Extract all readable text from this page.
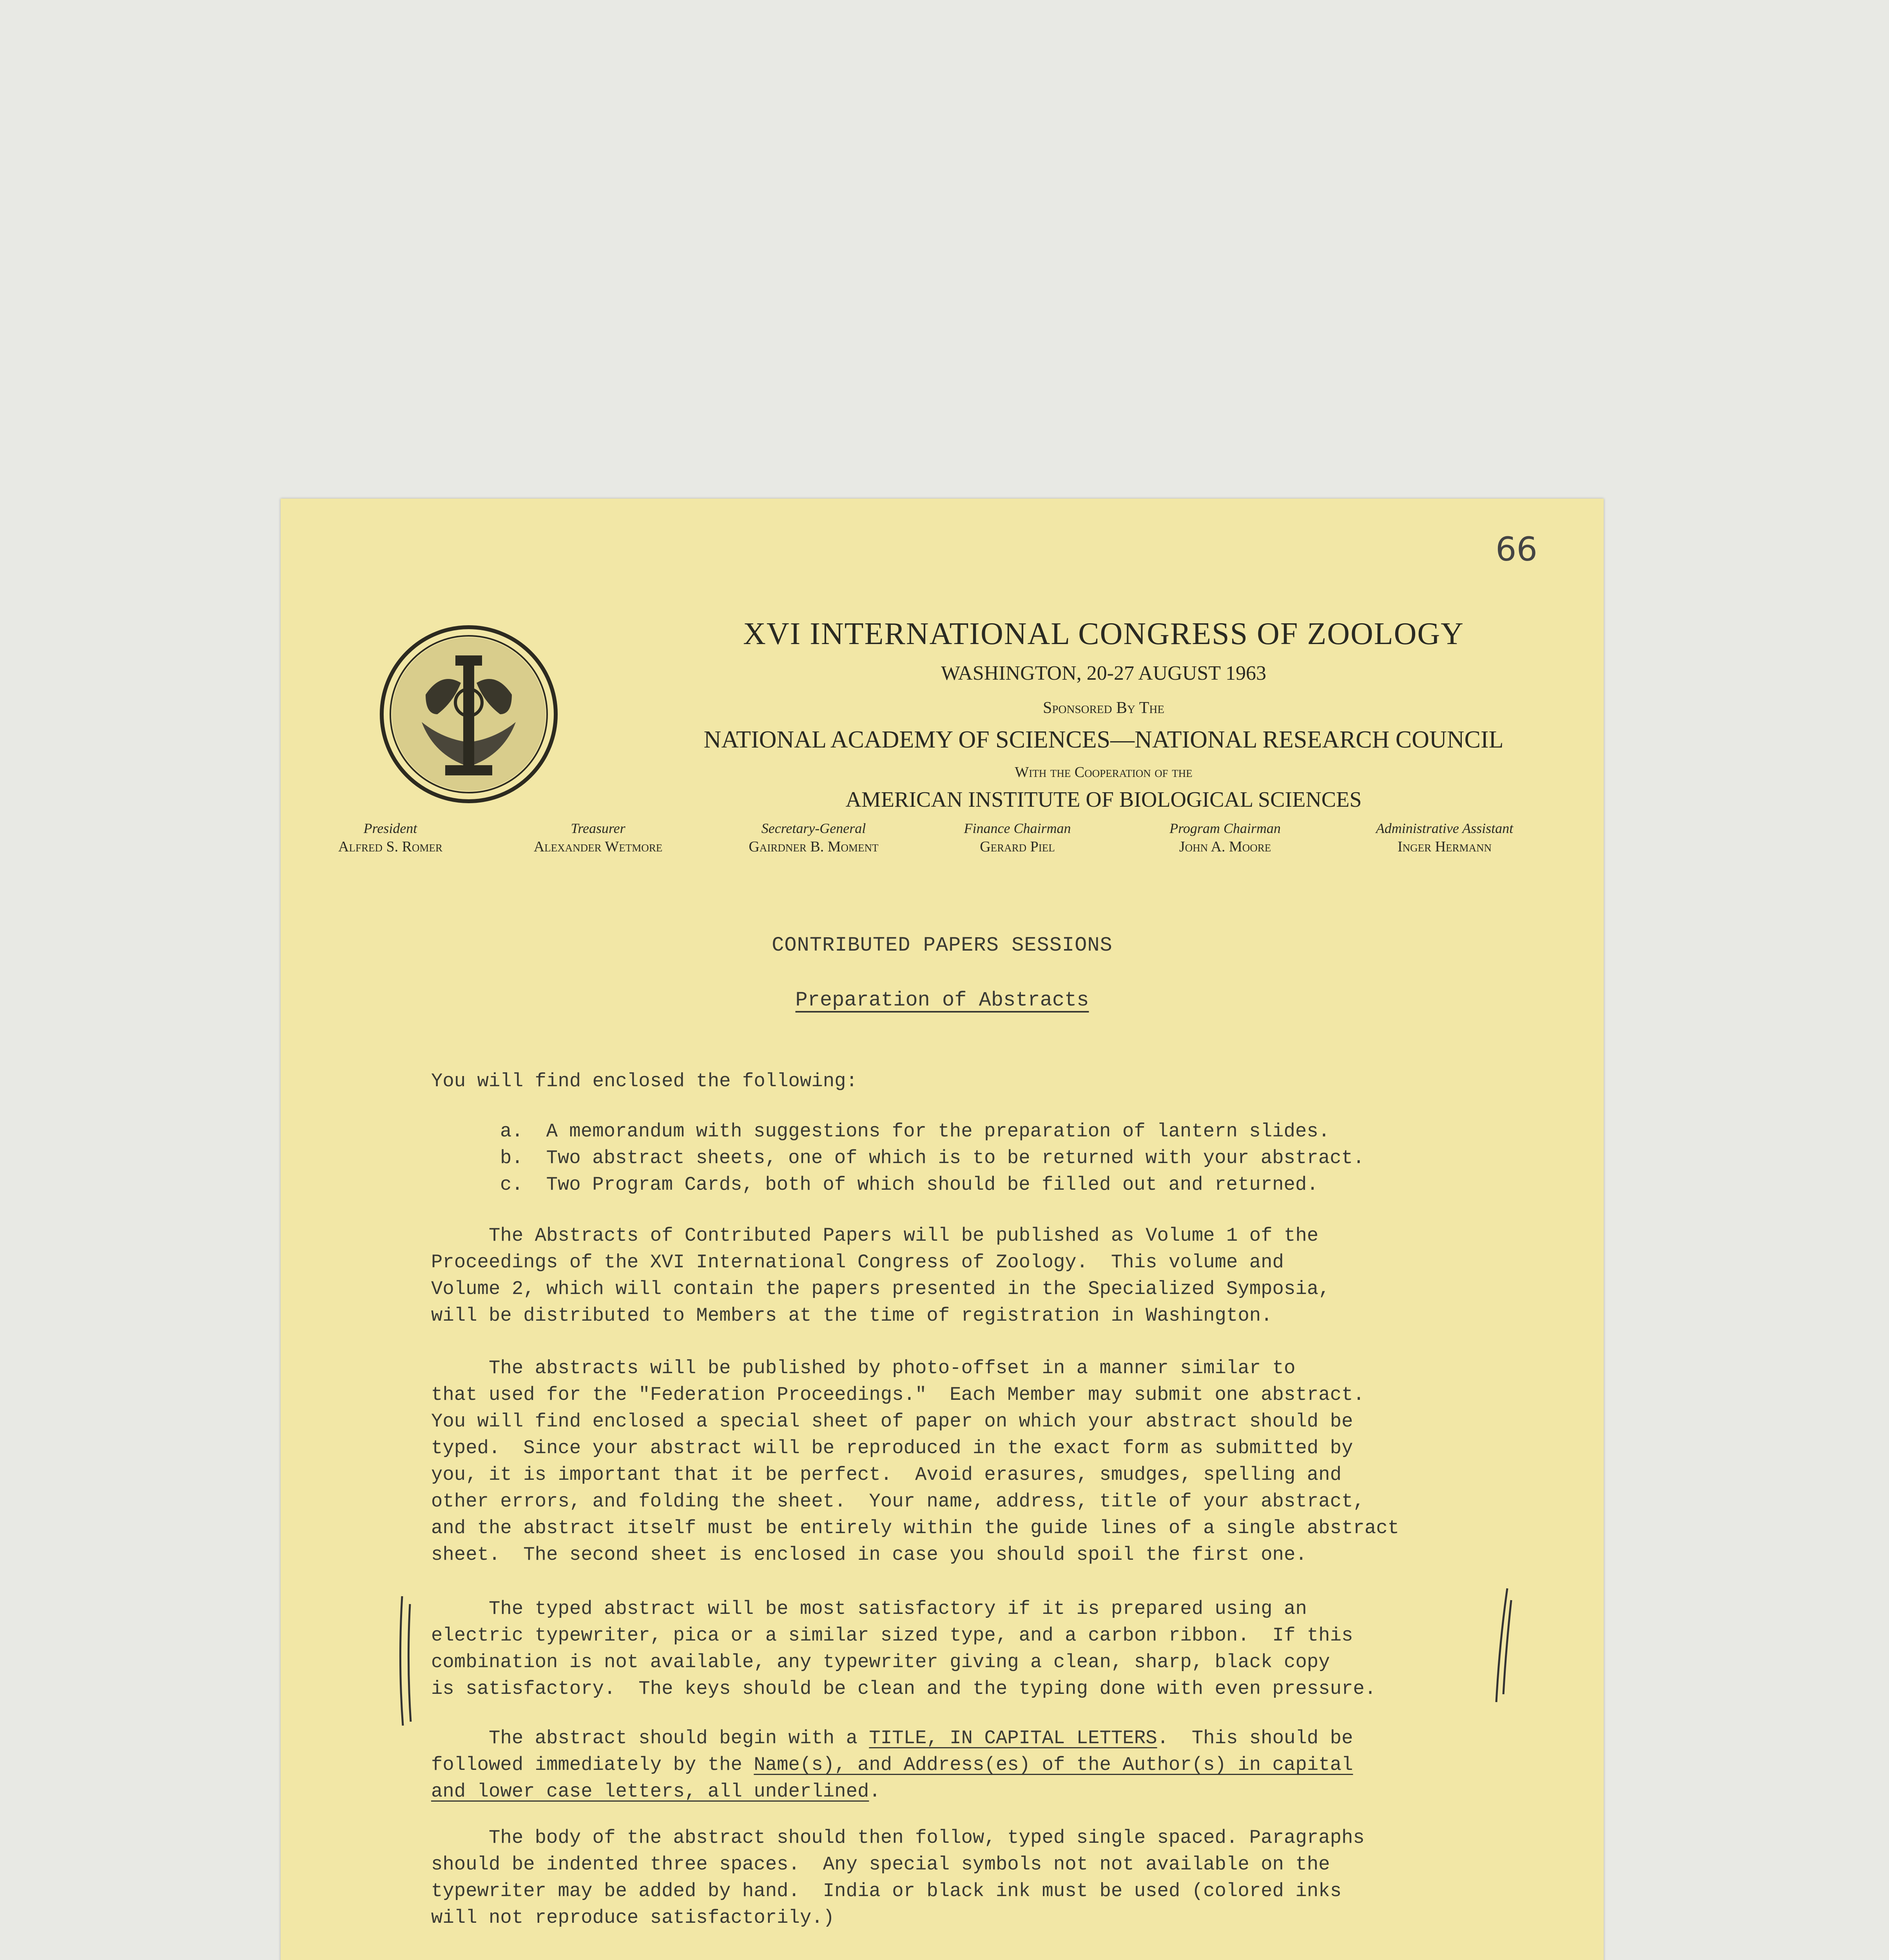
66
XVI INTERNATIONAL CONGRESS OF ZOOLOGY
WASHINGTON, 20-27 AUGUST 1963
Sponsored By The
NATIONAL ACADEMY OF SCIENCES—NATIONAL RESEARCH COUNCIL
With the Cooperation of the
AMERICAN INSTITUTE OF BIOLOGICAL SCIENCES
President
Alfred S. Romer
Treasurer
Alexander Wetmore
Secretary-General
Gairdner B. Moment
Finance Chairman
Gerard Piel
Program Chairman
John A. Moore
Administrative Assistant
Inger Hermann
CONTRIBUTED PAPERS SESSIONS
Preparation of Abstracts
You will find enclosed the following:
a.  A memorandum with suggestions for the preparation of lantern slides.
b.  Two abstract sheets, one of which is to be returned with your abstract.
c.  Two Program Cards, both of which should be filled out and returned.
The Abstracts of Contributed Papers will be published as Volume 1 of the
Proceedings of the XVI International Congress of Zoology.  This volume and
Volume 2, which will contain the papers presented in the Specialized Symposia,
will be distributed to Members at the time of registration in Washington.
The abstracts will be published by photo-offset in a manner similar to
that used for the "Federation Proceedings."  Each Member may submit one abstract.
You will find enclosed a special sheet of paper on which your abstract should be
typed.  Since your abstract will be reproduced in the exact form as submitted by
you, it is important that it be perfect.  Avoid erasures, smudges, spelling and
other errors, and folding the sheet.  Your name, address, title of your abstract,
and the abstract itself must be entirely within the guide lines of a single abstract
sheet.  The second sheet is enclosed in case you should spoil the first one.
The typed abstract will be most satisfactory if it is prepared using an
electric typewriter, pica or a similar sized type, and a carbon ribbon.  If this
combination is not available, any typewriter giving a clean, sharp, black copy
is satisfactory.  The keys should be clean and the typing done with even pressure.
The abstract should begin with a TITLE, IN CAPITAL LETTERS.  This should be
followed immediately by the Name(s), and Address(es) of the Author(s) in capital
and lower case letters, all underlined.
The body of the abstract should then follow, typed single spaced. Paragraphs
should be indented three spaces.  Any special symbols not not available on the
typewriter may be added by hand.  India or black ink must be used (colored inks
will not reproduce satisfactorily.)
